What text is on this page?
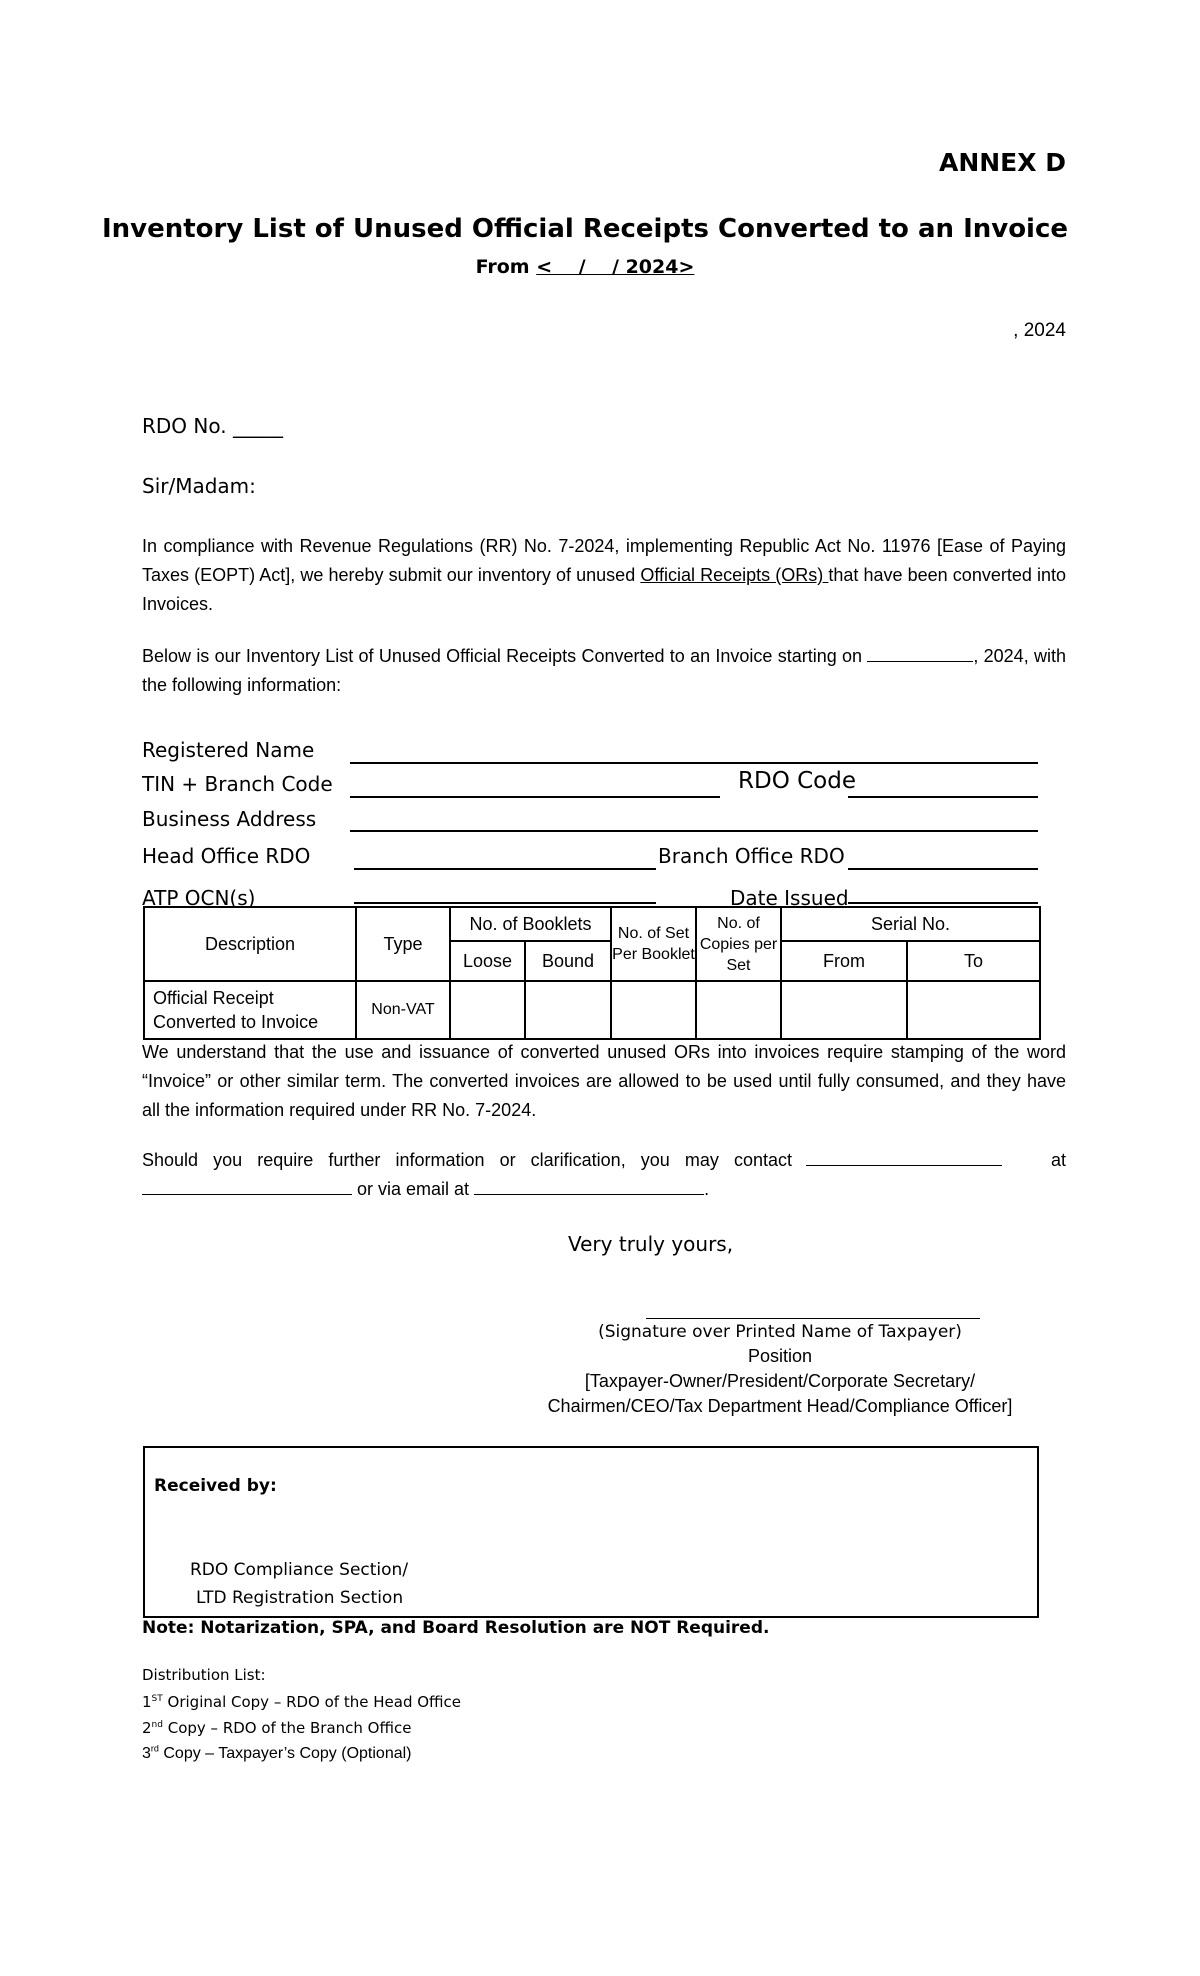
ANNEX D
Inventory List of Unused Official Receipts Converted to an Invoice
From <    /    / 2024>
, 2024
RDO No. _____
Sir/Madam:
In compliance with Revenue Regulations (RR) No. 7-2024, implementing Republic Act No. 11976 [Ease of Paying Taxes (EOPT) Act], we hereby submit our inventory of unused Official Receipts (ORs) that have been converted into Invoices.
Below is our Inventory List of Unused Official Receipts Converted to an Invoice starting on	, 2024, with the following information:
Registered Name
TIN + Branch Code	RDO Code
Business Address
Head Office RDO	Branch Office RDO
ATP OCN(s)	Date Issued
Description	Type	No. of Booklets		No. of Set Per Booklet	No. of Copies per Set	Serial No.	
		Loose	Bound			From	To
Official Receipt Converted to Invoice	Non-VAT						
We understand that the use and issuance of converted unused ORs into invoices require stamping of the word “Invoice” or other similar term. The converted invoices are allowed to be used until fully consumed, and they have all the information required under RR No. 7-2024.
Should you require further information or clarification, you may contact	at
or via email at	.
Very truly yours,
(Signature over Printed Name of Taxpayer)
Position
[Taxpayer-Owner/President/Corporate Secretary/
Chairmen/CEO/Tax Department Head/Compliance Officer]
Received by:
RDO Compliance Section/
LTD Registration Section
Note: Notarization, SPA, and Board Resolution are NOT Required.
Distribution List:
1ST Original Copy – RDO of the Head Office
2nd Copy – RDO of the Branch Office
3rd Copy – Taxpayer’s Copy (Optional)
